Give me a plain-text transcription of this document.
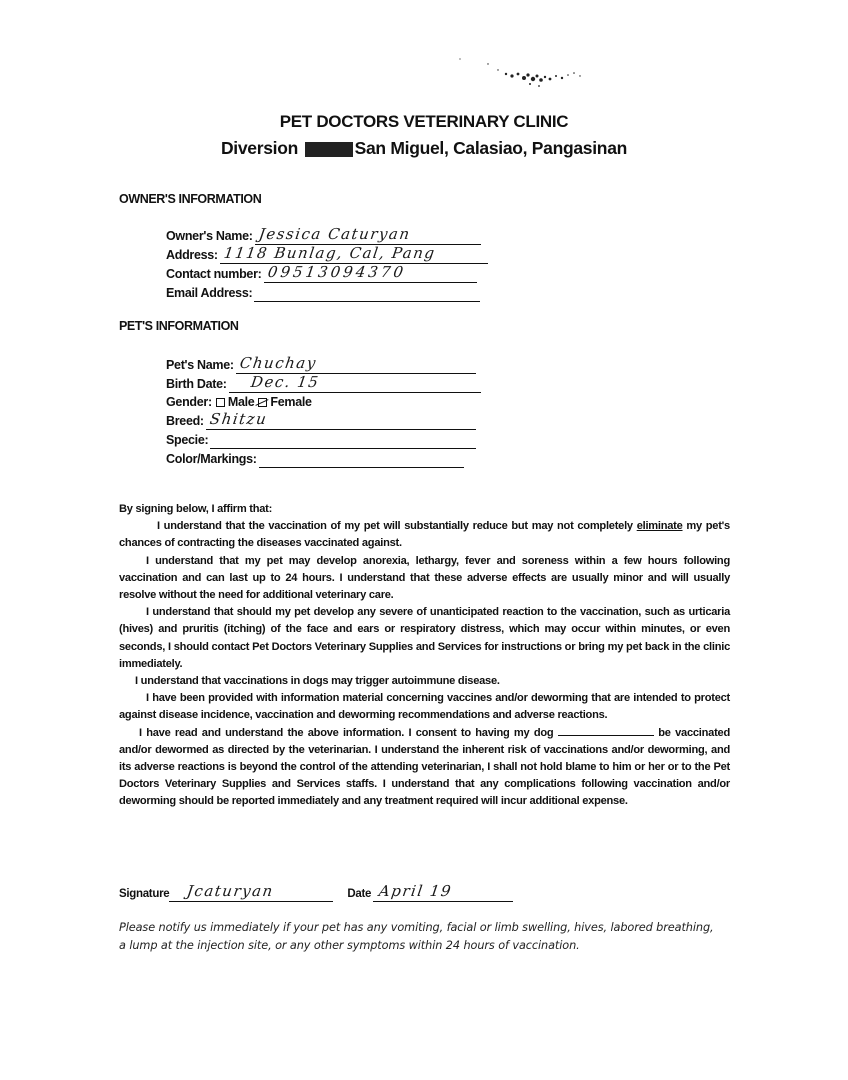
PET DOCTORS VETERINARY CLINIC
Diversion	San Miguel, Calasiao, Pangasinan
OWNER'S INFORMATION
Owner's Name: Jessica Caturyan
Address: 1118 Bunlag, Cal, Pang
Contact number: 09513094370
Email Address:
PET'S INFORMATION
Pet's Name: Chuchay
Birth Date: Dec. 15
Gender:	Male	Female
Breed: Shitzu
Specie:
Color/Markings:

By signing below, I affirm that:

I understand that the vaccination of my pet will substantially reduce but may not completely eliminate my pet's chances of contracting the diseases vaccinated against.

I understand that my pet may develop anorexia, lethargy, fever and soreness within a few hours following vaccination and can last up to 24 hours. I understand that these adverse effects are usually minor and will usually resolve without the need for additional veterinary care.

I understand that should my pet develop any severe of unanticipated reaction to the vaccination, such as urticaria (hives) and pruritis (itching) of the face and ears or respiratory distress, which may occur within minutes, or even seconds, I should contact Pet Doctors Veterinary Supplies and Services for instructions or bring my pet back in the clinic immediately.

I understand that vaccinations in dogs may trigger autoimmune disease.

I have been provided with information material concerning vaccines and/or deworming that are intended to protect against disease incidence, vaccination and deworming recommendations and adverse reactions.

I have read and understand the above information. I consent to having my dog	be vaccinated and/or dewormed as directed by the veterinarian. I understand the inherent risk of vaccinations and/or deworming, and its adverse reactions is beyond the control of the attending veterinarian, I shall not hold blame to him or her or to the Pet Doctors Veterinary Supplies and Services staffs. I understand that any complications following vaccination and/or deworming should be reported immediately and any treatment required will incur additional expense.

Signature Jcaturyan	Date April 19
Please notify us immediately if your pet has any vomiting, facial or limb swelling, hives, labored breathing, a lump at the injection site, or any other symptoms within 24 hours of vaccination.
